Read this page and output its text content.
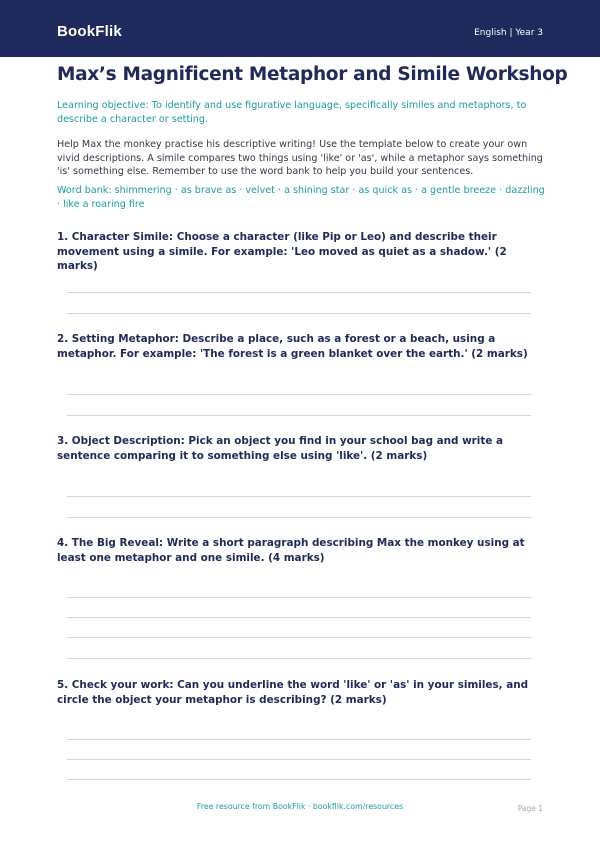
BookFlik	English | Year 3
Max’s Magnificent Metaphor and Simile Workshop
Learning objective: To identify and use figurative language, specifically similes and metaphors, to describe a character or setting.
Help Max the monkey practise his descriptive writing! Use the template below to create your own vivid descriptions. A simile compares two things using 'like' or 'as', while a metaphor says something 'is' something else. Remember to use the word bank to help you build your sentences.
Word bank: shimmering · as brave as · velvet · a shining star · as quick as · a gentle breeze · dazzling · like a roaring fire
1. Character Simile: Choose a character (like Pip or Leo) and describe their movement using a simile. For example: 'Leo moved as quiet as a shadow.' (2 marks)
2. Setting Metaphor: Describe a place, such as a forest or a beach, using a metaphor. For example: 'The forest is a green blanket over the earth.' (2 marks)
3. Object Description: Pick an object you find in your school bag and write a sentence comparing it to something else using 'like'. (2 marks)
4. The Big Reveal: Write a short paragraph describing Max the monkey using at least one metaphor and one simile. (4 marks)
5. Check your work: Can you underline the word 'like' or 'as' in your similes, and circle the object your metaphor is describing? (2 marks)
Free resource from BookFlik · bookflik.com/resources	Page 1
